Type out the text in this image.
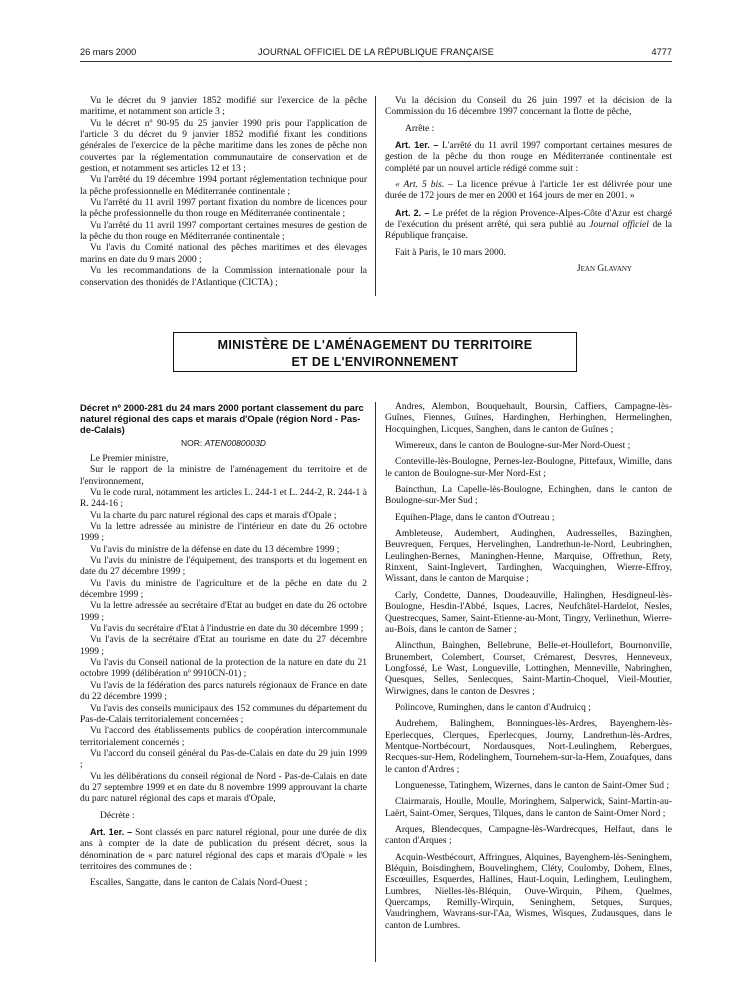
26 mars 2000	JOURNAL OFFICIEL DE LA RÉPUBLIQUE FRANÇAISE	4777

Vu le décret du 9 janvier 1852 modifié sur l'exercice de la pêche maritime, et notamment son article 3 ;

Vu le décret nº 90-95 du 25 janvier 1990 pris pour l'application de l'article 3 du décret du 9 janvier 1852 modifié fixant les conditions générales de l'exercice de la pêche maritime dans les zones de pêche non couvertes par la réglementation communautaire de conservation et de gestion, et notamment ses articles 12 et 13 ;

Vu l'arrêté du 19 décembre 1994 portant réglementation technique pour la pêche professionnelle en Méditerranée continentale ;

Vu l'arrêté du 11 avril 1997 portant fixation du nombre de licences pour la pêche professionnelle du thon rouge en Méditerranée continentale ;

Vu l'arrêté du 11 avril 1997 comportant certaines mesures de gestion de la pêche du thon rouge en Méditerranée continentale ;

Vu l'avis du Comité national des pêches maritimes et des élevages marins en date du 9 mars 2000 ;

Vu les recommandations de la Commission internationale pour la conservation des thonidés de l'Atlantique (CICTA) ;

Vu la décision du Conseil du 26 juin 1997 et la décision de la Commission du 16 décembre 1997 concernant la flotte de pêche,

Arrête :

Art. 1er. – L'arrêté du 11 avril 1997 comportant certaines mesures de gestion de la pêche du thon rouge en Méditerranée continentale est complété par un nouvel article rédigé comme suit :

« Art. 5 bis. – La licence prévue à l'article 1er est délivrée pour une durée de 172 jours de mer en 2000 et 164 jours de mer en 2001. »

Art. 2. – Le préfet de la région Provence-Alpes-Côte d'Azur est chargé de l'exécution du présent arrêté, qui sera publié au Journal officiel de la République française.

Fait à Paris, le 10 mars 2000.

Jean Glavany

MINISTÈRE DE L'AMÉNAGEMENT DU TERRITOIRE
ET DE L'ENVIRONNEMENT

Décret nº 2000-281 du 24 mars 2000 portant classement du parc naturel régional des caps et marais d'Opale (région Nord - Pas-de-Calais)

NOR: ATEN0080003D

Le Premier ministre,

Sur le rapport de la ministre de l'aménagement du territoire et de l'environnement,

Vu le code rural, notamment les articles L. 244-1 et L. 244-2, R. 244-1 à R. 244-16 ;

Vu la charte du parc naturel régional des caps et marais d'Opale ;

Vu la lettre adressée au ministre de l'intérieur en date du 26 octobre 1999 ;

Vu l'avis du ministre de la défense en date du 13 décembre 1999 ;

Vu l'avis du ministre de l'équipement, des transports et du logement en date du 27 décembre 1999 ;

Vu l'avis du ministre de l'agriculture et de la pêche en date du 2 décembre 1999 ;

Vu la lettre adressée au secrétaire d'Etat au budget en date du 26 octobre 1999 ;

Vu l'avis du secrétaire d'Etat à l'industrie en date du 30 décembre 1999 ;

Vu l'avis de la secrétaire d'Etat au tourisme en date du 27 décembre 1999 ;

Vu l'avis du Conseil national de la protection de la nature en date du 21 octobre 1999 (délibération nº 9910CN-01) ;

Vu l'avis de la fédération des parcs naturels régionaux de France en date du 22 décembre 1999 ;

Vu l'avis des conseils municipaux des 152 communes du département du Pas-de-Calais territorialement concernées ;

Vu l'accord des établissements publics de coopération intercommunale territorialement concernés ;

Vu l'accord du conseil général du Pas-de-Calais en date du 29 juin 1999 ;

Vu les délibérations du conseil régional de Nord - Pas-de-Calais en date du 27 septembre 1999 et en date du 8 novembre 1999 approuvant la charte du parc naturel régional des caps et marais d'Opale,

Décrète :

Art. 1er. – Sont classés en parc naturel régional, pour une durée de dix ans à compter de la date de publication du présent décret, sous la dénomination de « parc naturel régional des caps et marais d'Opale » les territoires des communes de :

Escalles, Sangatte, dans le canton de Calais Nord-Ouest ;

Andres, Alembon, Bouquehault, Boursin, Caffiers, Campagne-lès-Guînes, Fiennes, Guînes, Hardinghen, Herbinghen, Hermelinghen, Hocquinghen, Licques, Sanghen, dans le canton de Guînes ;

Wimereux, dans le canton de Boulogne-sur-Mer Nord-Ouest ;

Conteville-lès-Boulogne, Pernes-lez-Boulogne, Pittefaux, Wimille, dans le canton de Boulogne-sur-Mer Nord-Est ;

Baincthun, La Capelle-lès-Boulogne, Echinghen, dans le canton de Boulogne-sur-Mer Sud ;

Equihen-Plage, dans le canton d'Outreau ;

Ambleteuse, Audembert, Audinghen, Audresselles, Bazinghen, Beuvrequen, Ferques, Hervelinghen, Landrethun-le-Nord, Leubringhen, Leulinghen-Bernes, Maninghen-Henne, Marquise, Offrethun, Rety, Rinxent, Saint-Inglevert, Tardinghen, Wacquinghen, Wierre-Effroy, Wissant, dans le canton de Marquise ;

Carly, Condette, Dannes, Doudeauville, Halinghen, Hesdigneul-lès-Boulogne, Hesdin-l'Abbé, Isques, Lacres, Neufchâtel-Hardelot, Nesles, Questrecques, Samer, Saint-Etienne-au-Mont, Tingry, Verlinethun, Wierre-au-Bois, dans le canton de Samer ;

Alincthun, Bainghen, Bellebrune, Belle-et-Houllefort, Bournonville, Brunembert, Colembert, Courset, Crémarest, Desvres, Henneveux, Longfossé, Le Wast, Longueville, Lottinghen, Menneville, Nabringhen, Quesques, Selles, Senlecques, Saint-Martin-Choquel, Vieil-Moutier, Wirwignes, dans le canton de Desvres ;

Polincove, Ruminghen, dans le canton d'Audruicq ;

Audrehem, Balinghem, Bonningues-lès-Ardres, Bayenghem-lès-Eperlecques, Clerques, Eperlecques, Journy, Landrethun-lès-Ardres, Mentque-Nortbécourt, Nordausques, Nort-Leulinghem, Rebergues, Recques-sur-Hem, Rodelinghem, Tournehem-sur-la-Hem, Zouafques, dans le canton d'Ardres ;

Longuenesse, Tatinghem, Wizernes, dans le canton de Saint-Omer Sud ;

Clairmarais, Houlle, Moulle, Moringhem, Salperwick, Saint-Martin-au-Laërt, Saint-Omer, Serques, Tilques, dans le canton de Saint-Omer Nord ;

Arques, Blendecques, Campagne-lès-Wardrecques, Helfaut, dans le canton d'Arques ;

Acquin-Westbécourt, Affringues, Alquines, Bayenghem-lès-Seninghem, Bléquin, Boisdinghem, Bouvelinghem, Cléty, Coulomby, Dohem, Elnes, Escœuilles, Esquerdes, Hallines, Haut-Loquin, Ledinghem, Leulinghem, Lumbres, Nielles-lès-Bléquin, Ouve-Wirquin, Pihem, Quelmes, Quercamps, Remilly-Wirquin, Seninghem, Setques, Surques, Vaudringhem, Wavrans-sur-l'Aa, Wismes, Wisques, Zudausques, dans le canton de Lumbres.
